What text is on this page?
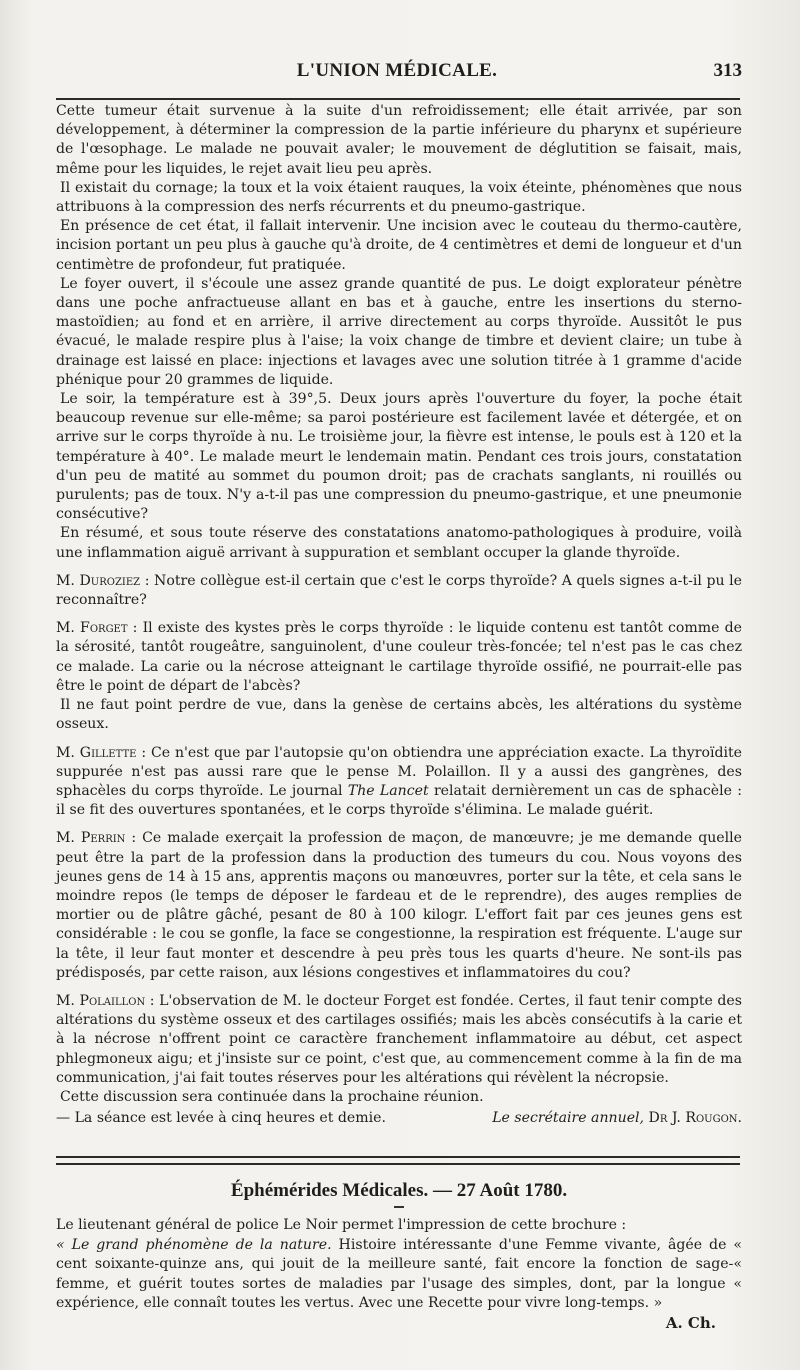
L'UNION MÉDICALE.	313

Cette tumeur était survenue à la suite d'un refroidissement; elle était arrivée, par son développement, à déterminer la compression de la partie inférieure du pharynx et supérieure de l'œsophage. Le malade ne pouvait avaler; le mouvement de déglutition se faisait, mais, même pour les liquides, le rejet avait lieu peu après.

Il existait du cornage; la toux et la voix étaient rauques, la voix éteinte, phénomènes que nous attribuons à la compression des nerfs récurrents et du pneumo-gastrique.

En présence de cet état, il fallait intervenir. Une incision avec le couteau du thermo-cautère, incision portant un peu plus à gauche qu'à droite, de 4 centimètres et demi de longueur et d'un centimètre de profondeur, fut pratiquée.

Le foyer ouvert, il s'écoule une assez grande quantité de pus. Le doigt explorateur pénètre dans une poche anfractueuse allant en bas et à gauche, entre les insertions du sterno-mastoïdien; au fond et en arrière, il arrive directement au corps thyroïde. Aussitôt le pus évacué, le malade respire plus à l'aise; la voix change de timbre et devient claire; un tube à drainage est laissé en place: injections et lavages avec une solution titrée à 1 gramme d'acide phénique pour 20 grammes de liquide.

Le soir, la température est à 39°,5. Deux jours après l'ouverture du foyer, la poche était beaucoup revenue sur elle-même; sa paroi postérieure est facilement lavée et détergée, et on arrive sur le corps thyroïde à nu. Le troisième jour, la fièvre est intense, le pouls est à 120 et la température à 40°. Le malade meurt le lendemain matin. Pendant ces trois jours, constatation d'un peu de matité au sommet du poumon droit; pas de crachats sanglants, ni rouillés ou purulents; pas de toux. N'y a-t-il pas une compression du pneumo-gastrique, et une pneumonie consécutive?

En résumé, et sous toute réserve des constatations anatomo-pathologiques à produire, voilà une inflammation aiguë arrivant à suppuration et semblant occuper la glande thyroïde.

M. Duroziez : Notre collègue est-il certain que c'est le corps thyroïde? A quels signes a-t-il pu le reconnaître?

M. Forget : Il existe des kystes près le corps thyroïde : le liquide contenu est tantôt comme de la sérosité, tantôt rougeâtre, sanguinolent, d'une couleur très-foncée; tel n'est pas le cas chez ce malade. La carie ou la nécrose atteignant le cartilage thyroïde ossifié, ne pourrait-elle pas être le point de départ de l'abcès?

Il ne faut point perdre de vue, dans la genèse de certains abcès, les altérations du système osseux.

M. Gillette : Ce n'est que par l'autopsie qu'on obtiendra une appréciation exacte. La thyroïdite suppurée n'est pas aussi rare que le pense M. Polaillon. Il y a aussi des gangrènes, des sphacèles du corps thyroïde. Le journal The Lancet relatait dernièrement un cas de sphacèle : il se fit des ouvertures spontanées, et le corps thyroïde s'élimina. Le malade guérit.

M. Perrin : Ce malade exerçait la profession de maçon, de manœuvre; je me demande quelle peut être la part de la profession dans la production des tumeurs du cou. Nous voyons des jeunes gens de 14 à 15 ans, apprentis maçons ou manœuvres, porter sur la tête, et cela sans le moindre repos (le temps de déposer le fardeau et de le reprendre), des auges remplies de mortier ou de plâtre gâché, pesant de 80 à 100 kilogr. L'effort fait par ces jeunes gens est considérable : le cou se gonfle, la face se congestionne, la respiration est fréquente. L'auge sur la tête, il leur faut monter et descendre à peu près tous les quarts d'heure. Ne sont-ils pas prédisposés, par cette raison, aux lésions congestives et inflammatoires du cou?

M. Polaillon : L'observation de M. le docteur Forget est fondée. Certes, il faut tenir compte des altérations du système osseux et des cartilages ossifiés; mais les abcès consécutifs à la carie et à la nécrose n'offrent point ce caractère franchement inflammatoire au début, cet aspect phlegmoneux aigu; et j'insiste sur ce point, c'est que, au commencement comme à la fin de ma communication, j'ai fait toutes réserves pour les altérations qui révèlent la nécropsie.

Cette discussion sera continuée dans la prochaine réunion.

— La séance est levée à cinq heures et demie.	Le secrétaire annuel, Dr J. Rougon.
Éphémérides Médicales. — 27 Août 1780.

Le lieutenant général de police Le Noir permet l'impression de cette brochure :

« Le grand phénomène de la nature. Histoire intéressante d'une Femme vivante, âgée de « cent soixante-quinze ans, qui jouit de la meilleure santé, fait encore la fonction de sage-« femme, et guérit toutes sortes de maladies par l'usage des simples, dont, par la longue « expérience, elle connaît toutes les vertus. Avec une Recette pour vivre long-temps. »

A. Ch.
